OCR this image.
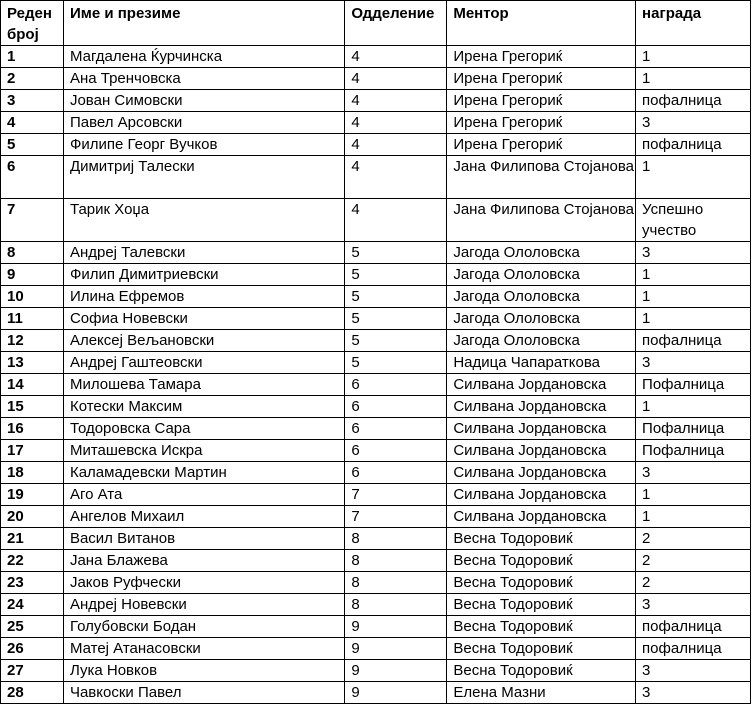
Реден број	Име и презиме	Одделение	Ментор	награда
1	Магдалена Ќурчинска	4	Ирена Грегориќ	1
2	Ана Тренчовска	4	Ирена Грегориќ	1
3	Јован Симовски	4	Ирена Грегориќ	пофалница
4	Павел Арсовски	4	Ирена Грегориќ	3
5	Филипе Георг Вучков	4	Ирена Грегориќ	пофалница
6	Димитриј Талески	4	Јана Филипова Стојанова	1
7	Тарик Хоџа	4	Јана Филипова Стојанова	Успешно учество
8	Андреј Талевски	5	Јагода Ололовска	3
9	Филип Димитриевски	5	Јагода Ололовска	1
10	Илина Ефремов	5	Јагода Ололовска	1
11	Софиа Новевски	5	Јагода Ололовска	1
12	Алексеј Вељановски	5	Јагода Ололовска	пофалница
13	Андреј Гаштеовски	5	Надица Чапаратков​а	3
14	Милошева Тамара	6	Силвана Јордановска	Пофалница
15	Котески Максим	6	Силвана Јордановска	1
16	Тодоровска Сара	6	Силвана Јордановска	Пофалница
17	Миташевска Искра	6	Силвана Јордановска	Пофалница
18	Каламадевски Мартин	6	Силвана Јордановска	3
19	Аго Ата	7	Силвана Јордановска	1
20	Ангелов Михаил	7	Силвана Јордановска	1
21	Васил Витанов	8	Весна Тодоровиќ	2
22	Јана Блажева	8	Весна Тодоровиќ	2
23	Јаков Руфчески	8	Весна Тодоровиќ	2
24	Андреј Новевски	8	Весна Тодоровиќ	3
25	Голубовски Бодан	9	Весна Тодоровиќ	пофалница
26	Матеј Атанасовски	9	Весна Тодоровиќ	пофалница
27	Лука Новков	9	Весна Тодоровиќ	3
28	Чавкоски Павел	9	Елена Мазни	3
